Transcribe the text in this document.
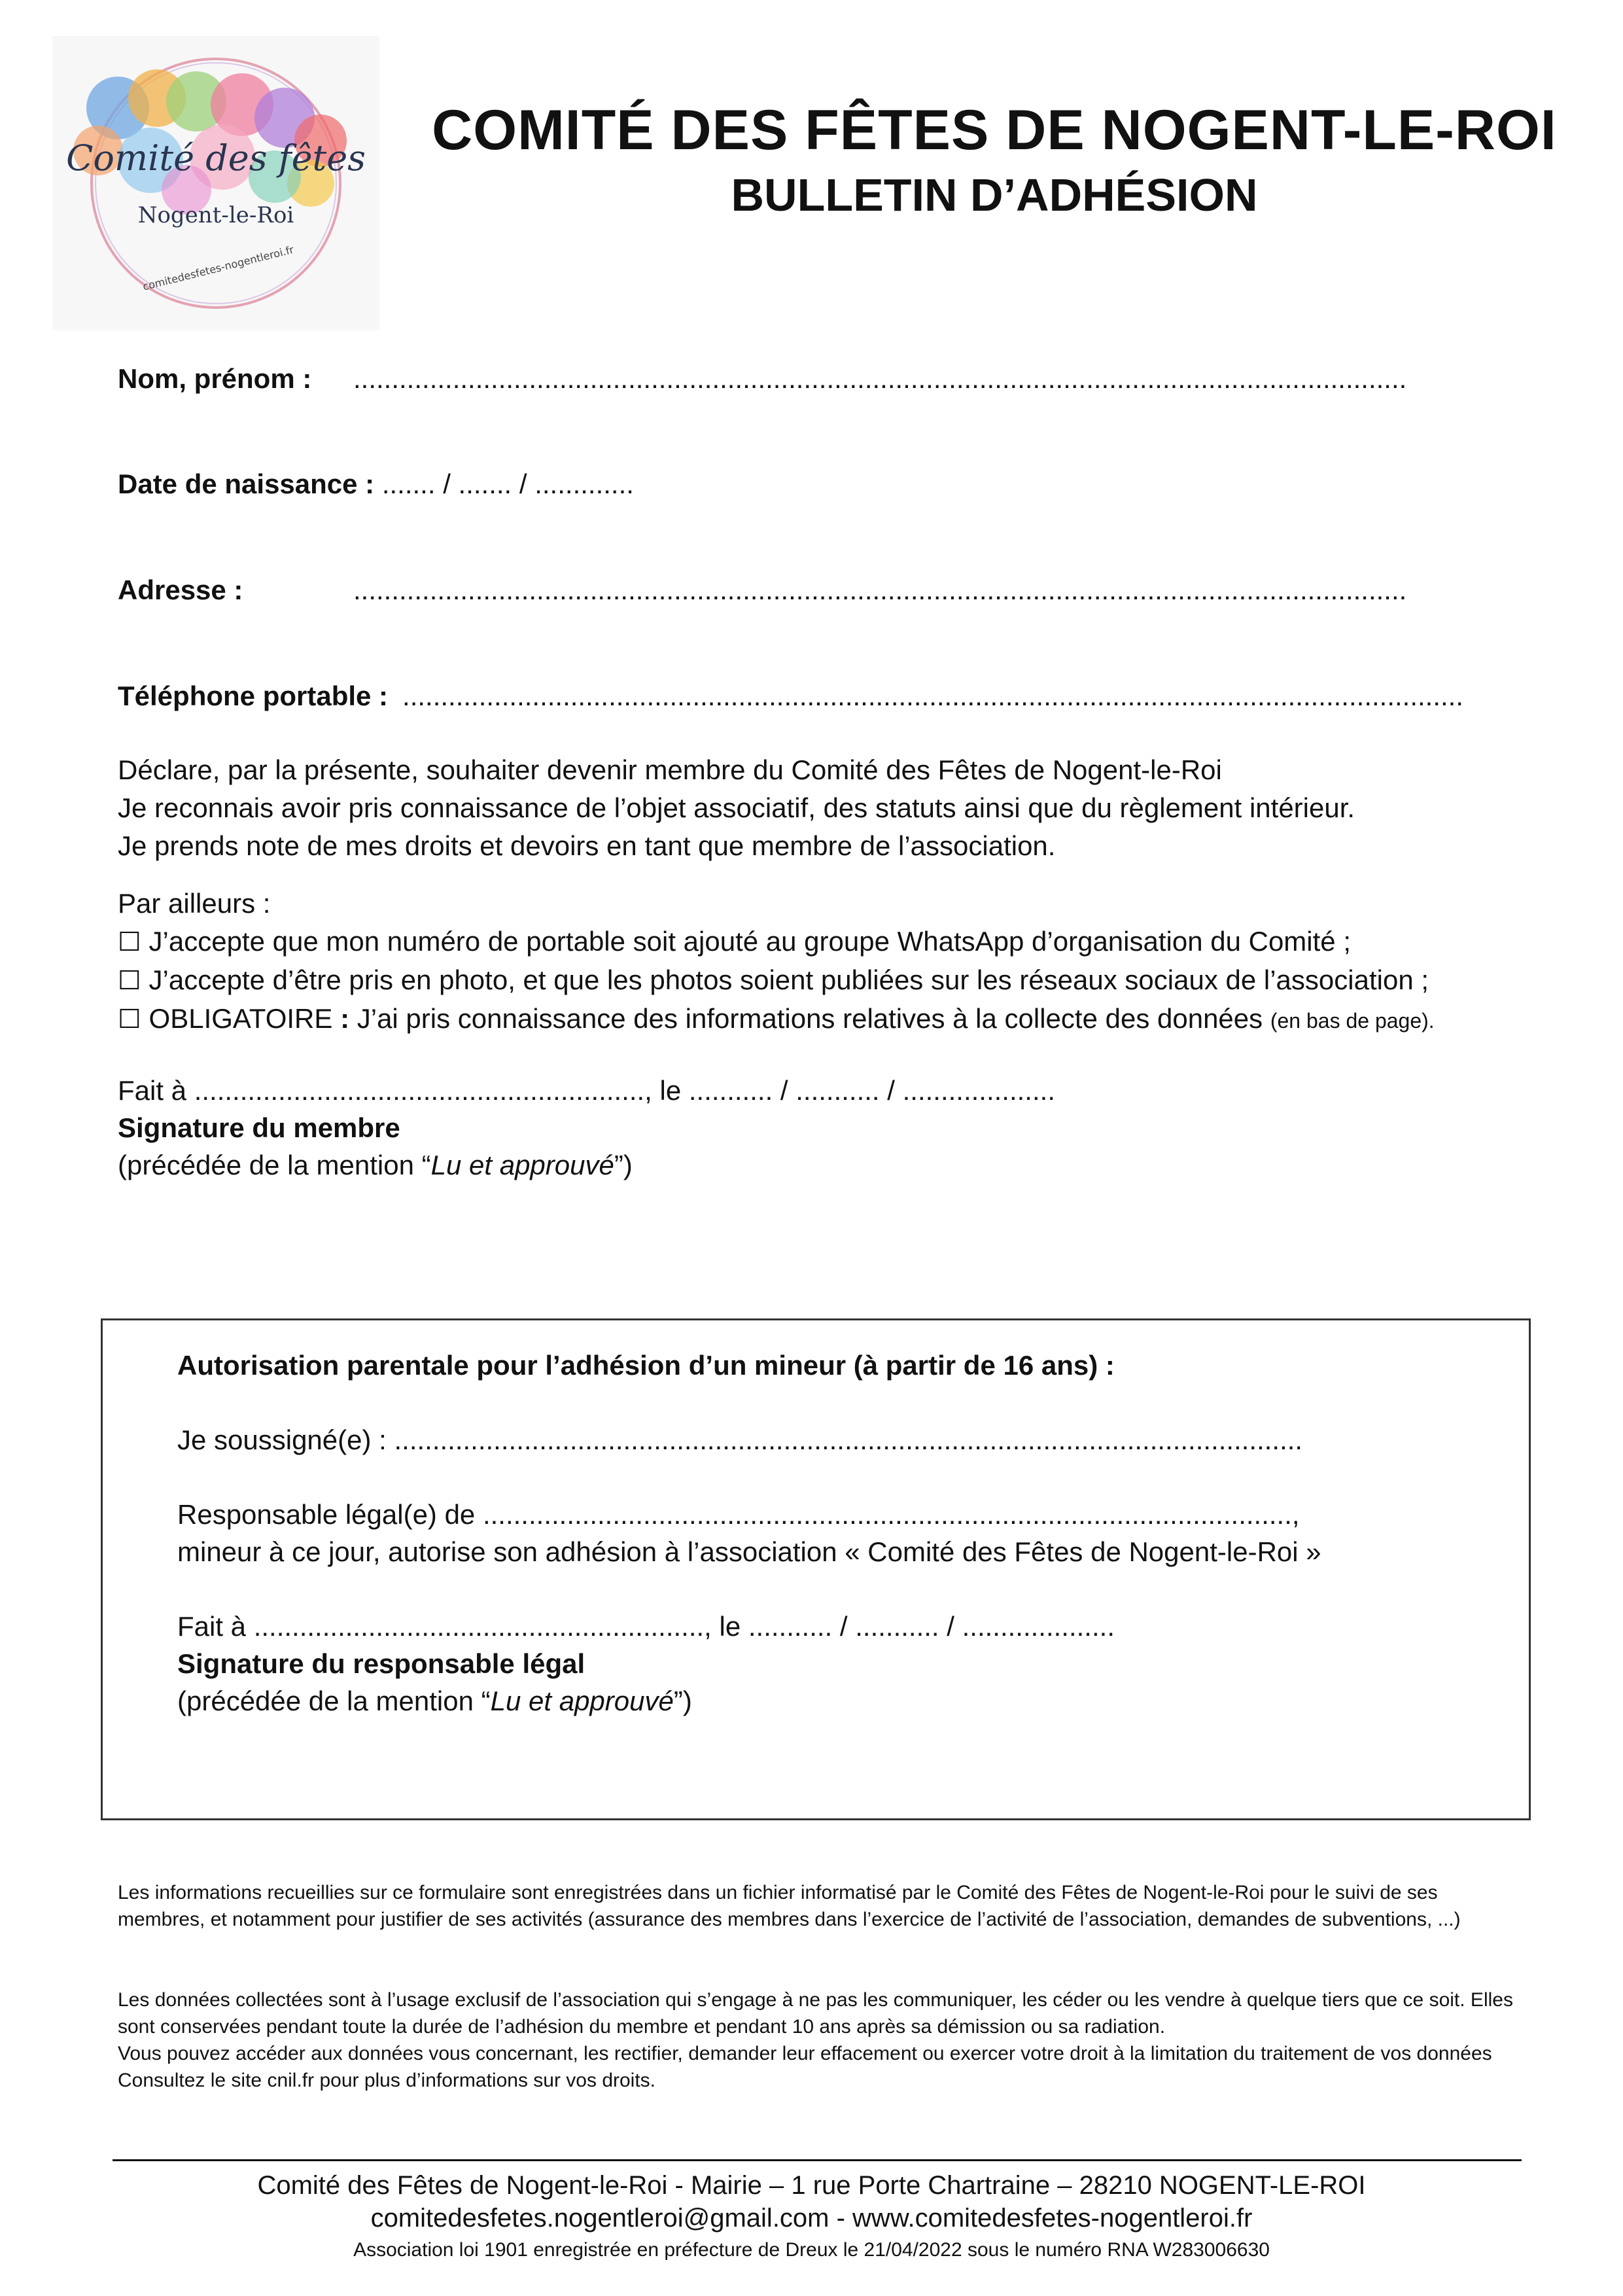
Comité des fêtes
Nogent-le-Roi
comitedesfetes-nogentleroi.fr
COMITÉ DES FÊTES DE NOGENT-LE-ROI
BULLETIN D’ADHÉSION
Nom, prénom : ..........................................................................................................................................
Date de naissance : ....... / ....... / .............
Adresse :	..........................................................................................................................................
Téléphone portable : ...........................................................................................................................................
Déclare, par la présente, souhaiter devenir membre du Comité des Fêtes de Nogent-le-Roi
Je reconnais avoir pris connaissance de l’objet associatif, des statuts ainsi que du règlement intérieur.
Je prends note de mes droits et devoirs en tant que membre de l’association.
Par ailleurs :
☐ J’accepte que mon numéro de portable soit ajouté au groupe WhatsApp d’organisation du Comité ;
☐ J’accepte d’être pris en photo, et que les photos soient publiées sur les réseaux sociaux de l’association ;
☐ OBLIGATOIRE : J’ai pris connaissance des informations relatives à la collecte des données (en bas de page).
Fait à ..........................................................., le ........... / ........... / ....................
Signature du membre
(précédée de la mention “Lu et approuvé”)
Autorisation parentale pour l’adhésion d’un mineur (à partir de 16 ans) :
Je soussigné(e) : .......................................................................................................................
Responsable légal(e) de ..........................................................................................................,
mineur à ce jour, autorise son adhésion à l’association « Comité des Fêtes de Nogent-le-Roi »
Fait à ..........................................................., le ........... / ........... / ....................
Signature du responsable légal
(précédée de la mention “Lu et approuvé”)
Les informations recueillies sur ce formulaire sont enregistrées dans un fichier informatisé par le Comité des Fêtes de Nogent-le-Roi pour le suivi de ses membres, et notamment pour justifier de ses activités (assurance des membres dans l’exercice de l’activité de l’association, demandes de subventions, ...)
Les données collectées sont à l’usage exclusif de l’association qui s’engage à ne pas les communiquer, les céder ou les vendre à quelque tiers que ce soit. Elles sont conservées pendant toute la durée de l’adhésion du membre et pendant 10 ans après sa démission ou sa radiation.
Vous pouvez accéder aux données vous concernant, les rectifier, demander leur effacement ou exercer votre droit à la limitation du traitement de vos données
Consultez le site cnil.fr pour plus d’informations sur vos droits.
Comité des Fêtes de Nogent-le-Roi - Mairie – 1 rue Porte Chartraine – 28210 NOGENT-LE-ROI
comitedesfetes.nogentleroi@gmail.com - www.comitedesfetes-nogentleroi.fr
Association loi 1901 enregistrée en préfecture de Dreux le 21/04/2022 sous le numéro RNA W283006630
